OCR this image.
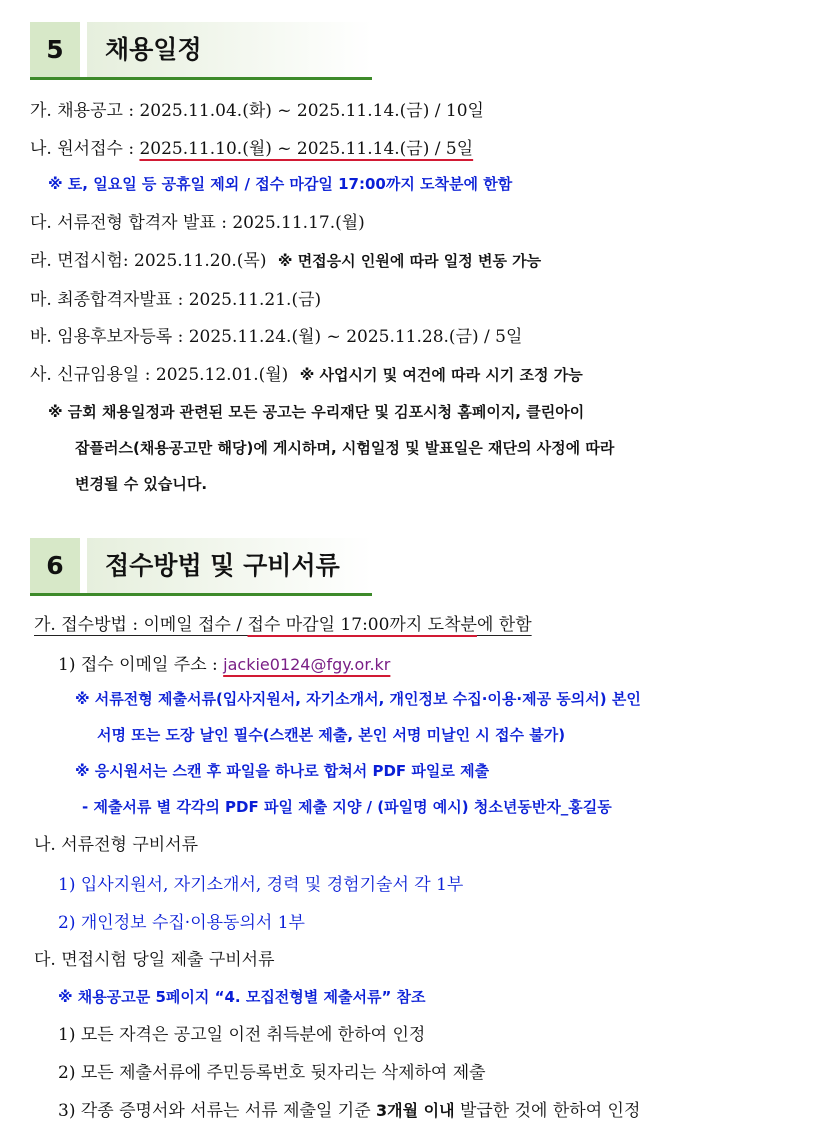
5	채용일정
가. 채용공고 : 2025.11.04.(화) ~ 2025.11.14.(금) / 10일
나. 원서접수 : 2025.11.10.(월) ~ 2025.11.14.(금) / 5일
※ 토, 일요일 등 공휴일 제외 / 접수 마감일 17:00까지 도착분에 한함
다. 서류전형 합격자 발표 : 2025.11.17.(월)
라. 면접시험: 2025.11.20.(목) ※ 면접응시 인원에 따라 일정 변동 가능
마. 최종합격자발표 : 2025.11.21.(금)
바. 임용후보자등록 : 2025.11.24.(월) ~ 2025.11.28.(금) / 5일
사. 신규임용일 : 2025.12.01.(월) ※ 사업시기 및 여건에 따라 시기 조정 가능
※ 금회 채용일정과 관련된 모든 공고는 우리재단 및 김포시청 홈페이지, 클린아이
잡플러스(채용공고만 해당)에 게시하며, 시험일정 및 발표일은 재단의 사정에 따라
변경될 수 있습니다.
6	접수방법 및 구비서류
가. 접수방법 : 이메일 접수 / 접수 마감일 17:00까지 도착분에 한함
1) 접수 이메일 주소 : jackie0124@fgy.or.kr
※ 서류전형 제출서류(입사지원서, 자기소개서, 개인정보 수집·이용·제공 동의서) 본인
서명 또는 도장 날인 필수(스캔본 제출, 본인 서명 미날인 시 접수 불가)
※ 응시원서는 스캔 후 파일을 하나로 합쳐서 PDF 파일로 제출
- 제출서류 별 각각의 PDF 파일 제출 지양 / (파일명 예시) 청소년동반자_홍길동
나. 서류전형 구비서류
1) 입사지원서, 자기소개서, 경력 및 경험기술서 각 1부
2) 개인정보 수집·이용동의서 1부
다. 면접시험 당일 제출 구비서류
※ 채용공고문 5페이지 “4. 모집전형별 제출서류” 참조
1) 모든 자격은 공고일 이전 취득분에 한하여 인정
2) 모든 제출서류에 주민등록번호 뒷자리는 삭제하여 제출
3) 각종 증명서와 서류는 서류 제출일 기준 3개월 이내 발급한 것에 한하여 인정
